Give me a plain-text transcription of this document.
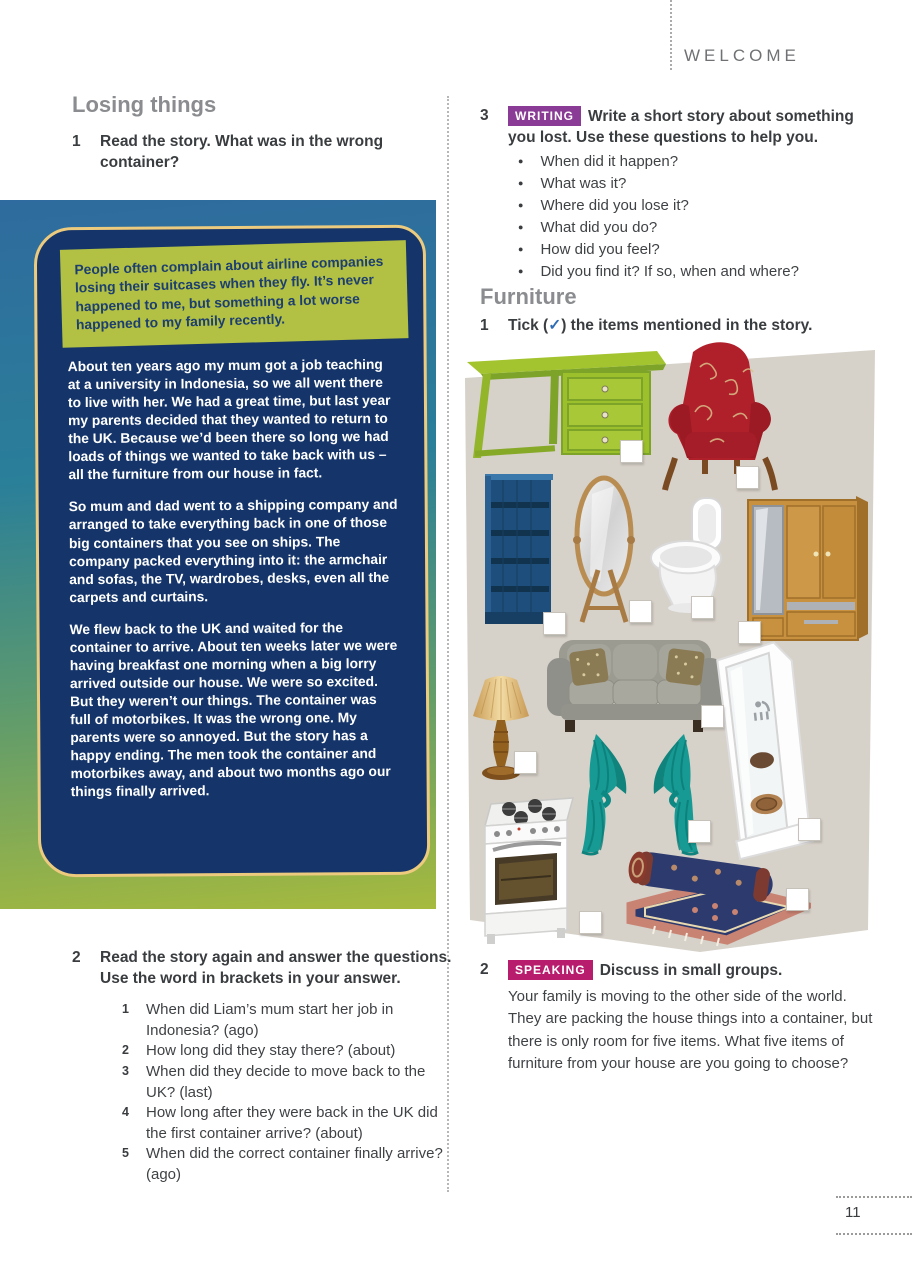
WELCOME
Losing things
1 Read the story. What was in the wrong container?
People often complain about airline companies losing their suitcases when they fly. It’s never happened to me, but something a lot worse happened to my family recently.

About ten years ago my mum got a job teaching at a university in Indonesia, so we all went there to live with her. We had a great time, but last year my parents decided that they wanted to return to the UK. Because we’d been there so long we had loads of things we wanted to take back with us – all the furniture from our house in fact.

So mum and dad went to a shipping company and arranged to take everything back in one of those big containers that you see on ships. The company packed everything into it: the armchair and sofas, the TV, wardrobes, desks, even all the carpets and curtains.

We flew back to the UK and waited for the container to arrive. About ten weeks later we were having breakfast one morning when a big lorry arrived outside our house. We were so excited. But they weren’t our things. The container was full of motorbikes. It was the wrong one. My parents were so annoyed. But the story has a happy ending. The men took the container and motorbikes away, and about two months ago our things finally arrived.

2 Read the story again and answer the questions. Use the word in brackets in your answer.
1 When did Liam’s mum start her job in Indonesia? (ago)
2 How long did they stay there? (about)
3 When did they decide to move back to the UK? (last)
4 How long after they were back in the UK did the first container arrive? (about)
5 When did the correct container finally arrive? (ago)
3	WRITING Write a short story about something you lost. Use these questions to help you.
● When did it happen?
● What was it?
● Where did you lose it?
● What did you do?
● How did you feel?
● Did you find it? If so, when and where?
Furniture
1 Tick (✓) the items mentioned in the story.
2	SPEAKING Discuss in small groups.
Your family is moving to the other side of the world. They are packing the house things into a container, but there is only room for five items. What five items of furniture from your house are you going to choose?
11
